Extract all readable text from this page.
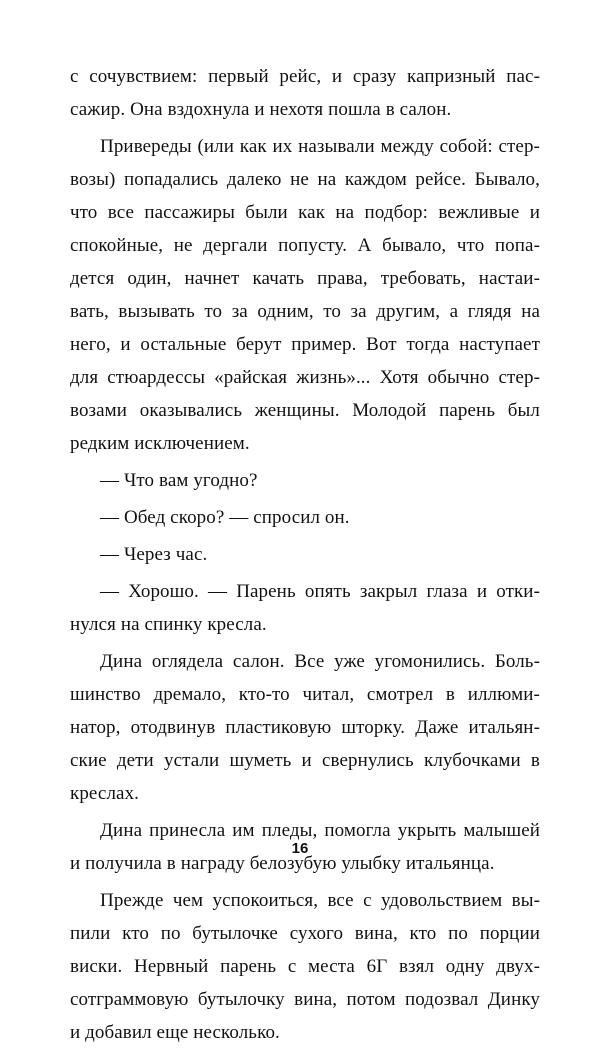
с сочувствием: первый рейс, и сразу капризный пас-
сажир. Она вздохнула и нехотя пошла в салон.
Привереды (или как их называли между собой: стер-
возы) попадались далеко не на каждом рейсе. Бывало,
что все пассажиры были как на подбор: вежливые и
спокойные, не дергали попусту. А бывало, что попа-
дется один, начнет качать права, требовать, настаи-
вать, вызывать то за одним, то за другим, а глядя на
него, и остальные берут пример. Вот тогда наступает
для стюардессы «райская жизнь»... Хотя обычно стер-
возами оказывались женщины. Молодой парень был
редким исключением.
— Что вам угодно?
— Обед скоро? — спросил он.
— Через час.
— Хорошо. — Парень опять закрыл глаза и отки-
нулся на спинку кресла.
Дина оглядела салон. Все уже угомонились. Боль-
шинство дремало, кто-то читал, смотрел в иллюми-
натор, отодвинув пластиковую шторку. Даже итальян-
ские дети устали шуметь и свернулись клубочками в
креслах.
Дина принесла им пледы, помогла укрыть малышей
и получила в награду белозубую улыбку итальянца.
Прежде чем успокоиться, все с удовольствием вы-
пили кто по бутылочке сухого вина, кто по порции
виски. Нервный парень с места 6Г взял одну двух-
сотграммовую бутылочку вина, потом подозвал Динку
и добавил еще несколько.
16
